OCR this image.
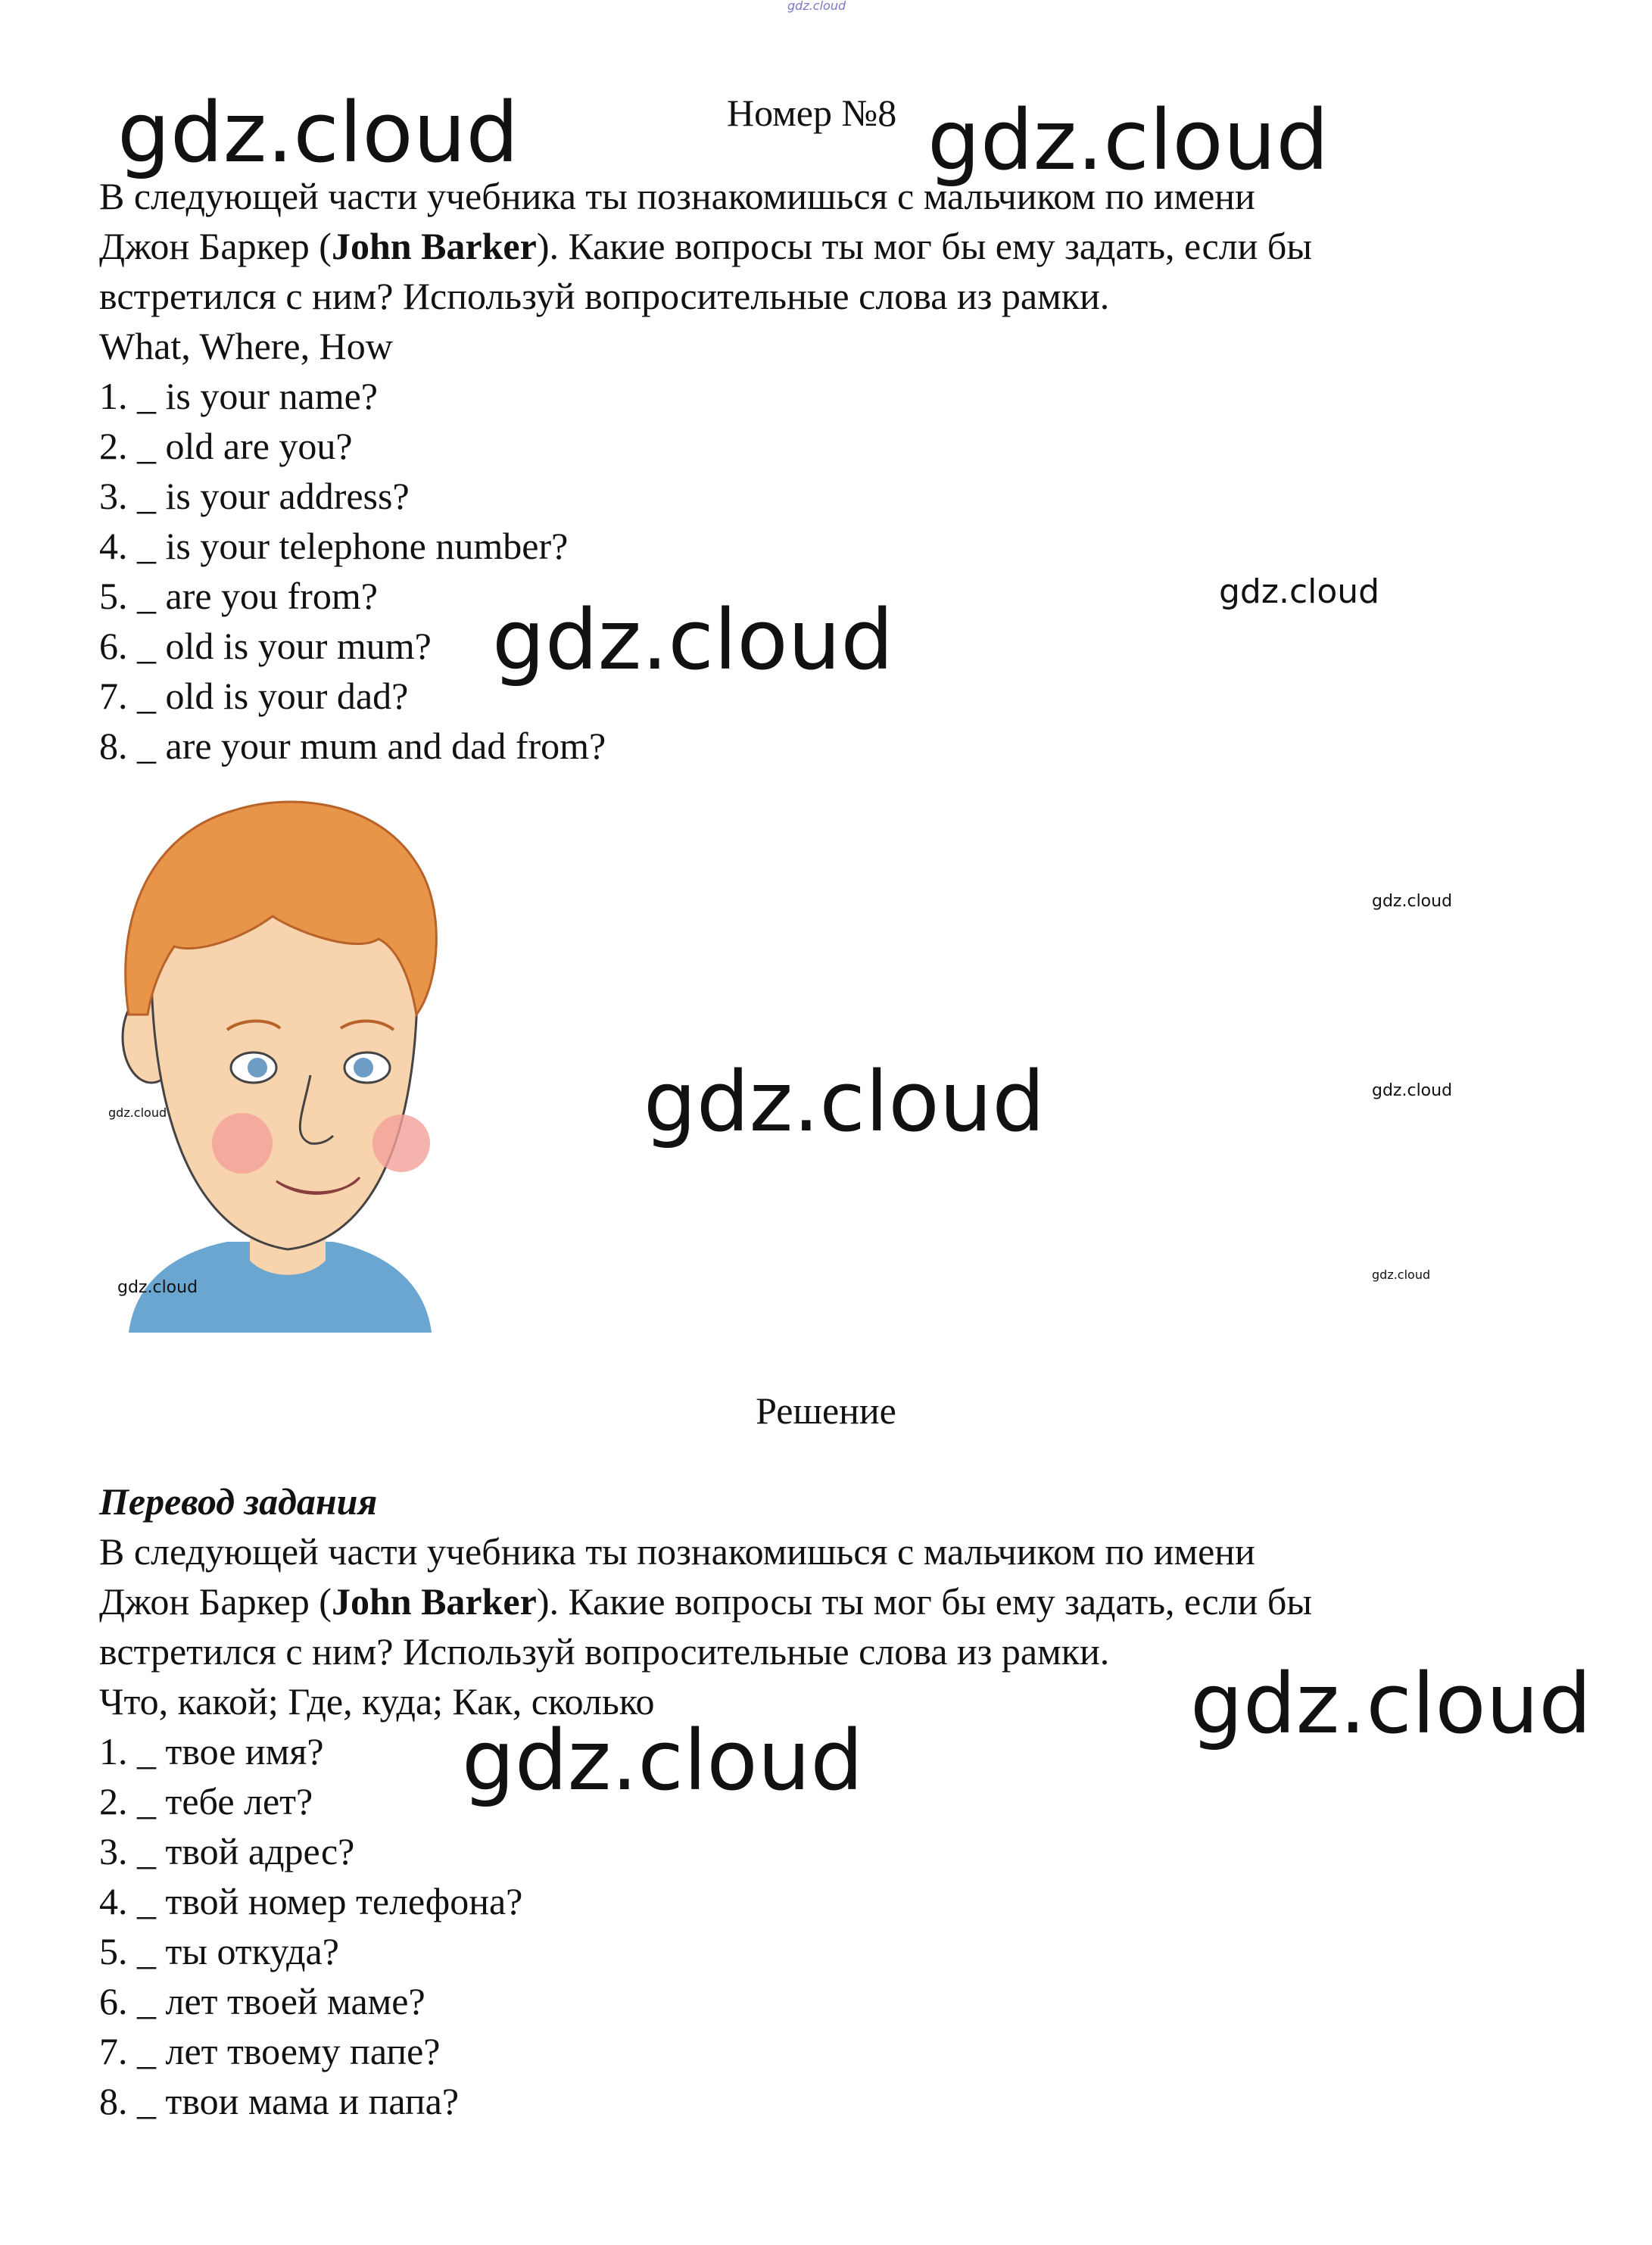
gdz.cloud
Номер №8
В следующей части учебника ты познакомишься с мальчиком по имени
Джон Баркер (John Barker). Какие вопросы ты мог бы ему задать, если бы
встретился с ним? Используй вопросительные слова из рамки.
What, Where, How
1. _ is your name?
2. _ old are you?
3. _ is your address?
4. _ is your telephone number?
5. _ are you from?
6. _ old is your mum?
7. _ old is your dad?
8. _ are your mum and dad from?
Решение
Перевод задания
В следующей части учебника ты познакомишься с мальчиком по имени
Джон Баркер (John Barker). Какие вопросы ты мог бы ему задать, если бы
встретился с ним? Используй вопросительные слова из рамки.
Что, какой; Где, куда; Как, сколько
1. _ твое имя?
2. _ тебе лет?
3. _ твой адрес?
4. _ твой номер телефона?
5. _ ты откуда?
6. _ лет твоей маме?
7. _ лет твоему папе?
8. _ твои мама и папа?
gdz.cloud	gdz.cloud
gdz.cloud
gdz.cloud
gdz.cloud
gdz.cloud	gdz.cloud
gdz.cloud
gdz.cloud
gdz.cloud
gdz.cloud
gdz.cloud
